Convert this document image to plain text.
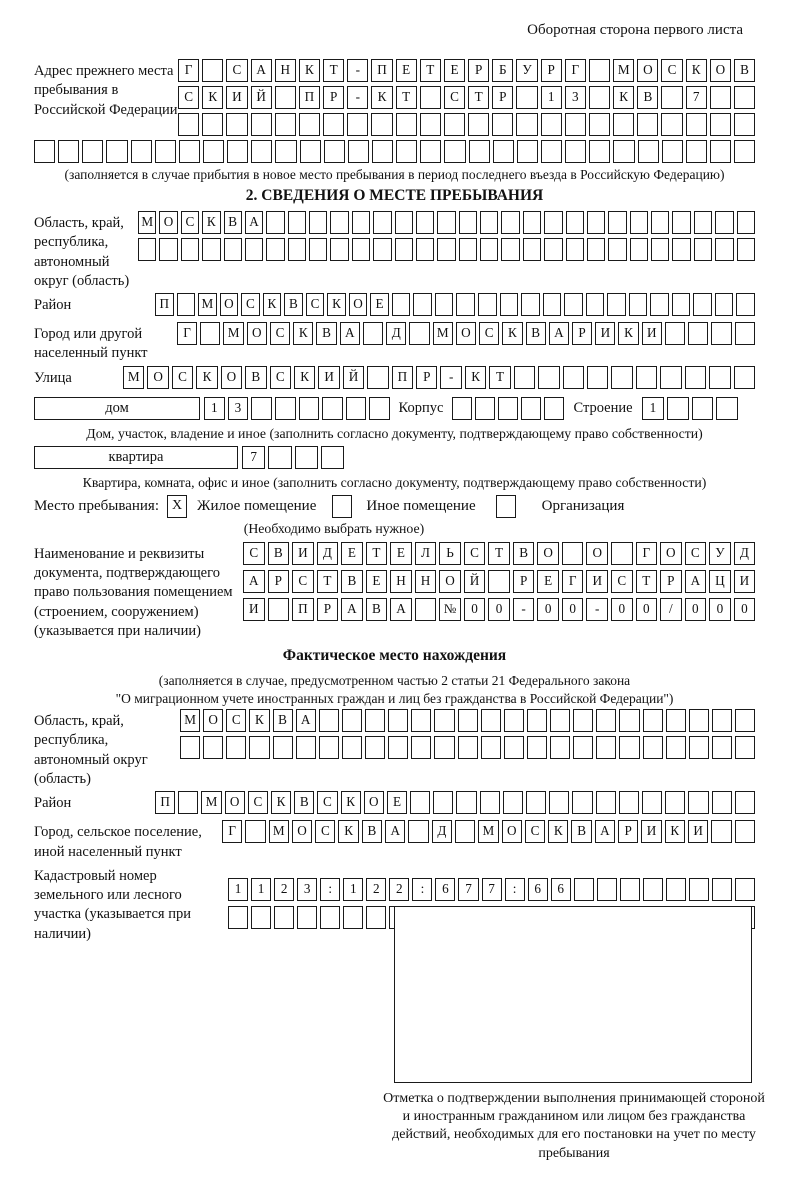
Оборотная сторона первого листа
Адрес прежнего места пребывания в Российской Федерации
Г	С	А	Н	К	Т	-	П	Е	Т	Е	Р	Б	У	Р	Г	М	О	С	К	О	В
С	К	И	Й	П	Р	-	К	Т	С	Т	Р	1	3	К	В	7
(заполняется в случае прибытия в новое место пребывания в период последнего въезда в Российскую Федерацию)
2. СВЕДЕНИЯ О МЕСТЕ ПРЕБЫВАНИЯ
Область, край, республика, автономный округ (область)
М О С К В А
Район	П	М О С К В С К О Е
Город или другой населенный пункт
Г	М О	С	К	В	А	Д	М О	С	К	В	А	Р	И	К	И
Улица	М	О	С	К	О	В	С	К	И	Й	П	Р	-	К	Т
дом	1	3	Корпус	Строение	1
Дом, участок, владение и иное (заполнить согласно документу, подтверждающему право собственности)
квартира	7
Квартира, комната, офис и иное (заполнить согласно документу, подтверждающему право собственности)
Место пребывания: X Жилое помещение	Иное помещение	Организация
(Необходимо выбрать нужное)
Наименование и реквизиты документа, подтверждающего право пользования помещением (строением, сооружением) (указывается при наличии)
С	В	И	Д	Е	Т	Е	Л	Ь	С	Т	В	О	О	Г	О	С	У	Д
А	Р	С	Т	В	Е	Н	Н	О	Й	Р	Е	Г	И	С	Т	Р	А	Ц	И
И	П	Р	А	В	А	№	0	0	-	0	0	-	0	0	/	0	0	0
Фактическое место нахождения
(заполняется в случае, предусмотренном частью 2 статьи 21 Федерального закона
"О миграционном учете иностранных граждан и лиц без гражданства в Российской Федерации")
Область, край, республика, автономный округ (область)
М О	С	К	В	А
Район	П	М О	С	К	В	С	К	О	Е
Город, сельское поселение, иной населенный пункт
Г	М О	С	К	В	А	Д	М О	С	К	В	А	Р	И	К	И
Кадастровый номер земельного или лесного участка (указывается при наличии)
1	1	2	3	:	1	2	2	:	6	7	7	:	6	6
Отметка о подтверждении выполнения принимающей стороной и иностранным гражданином или лицом без гражданства действий, необходимых для его постановки на учет по месту пребывания
